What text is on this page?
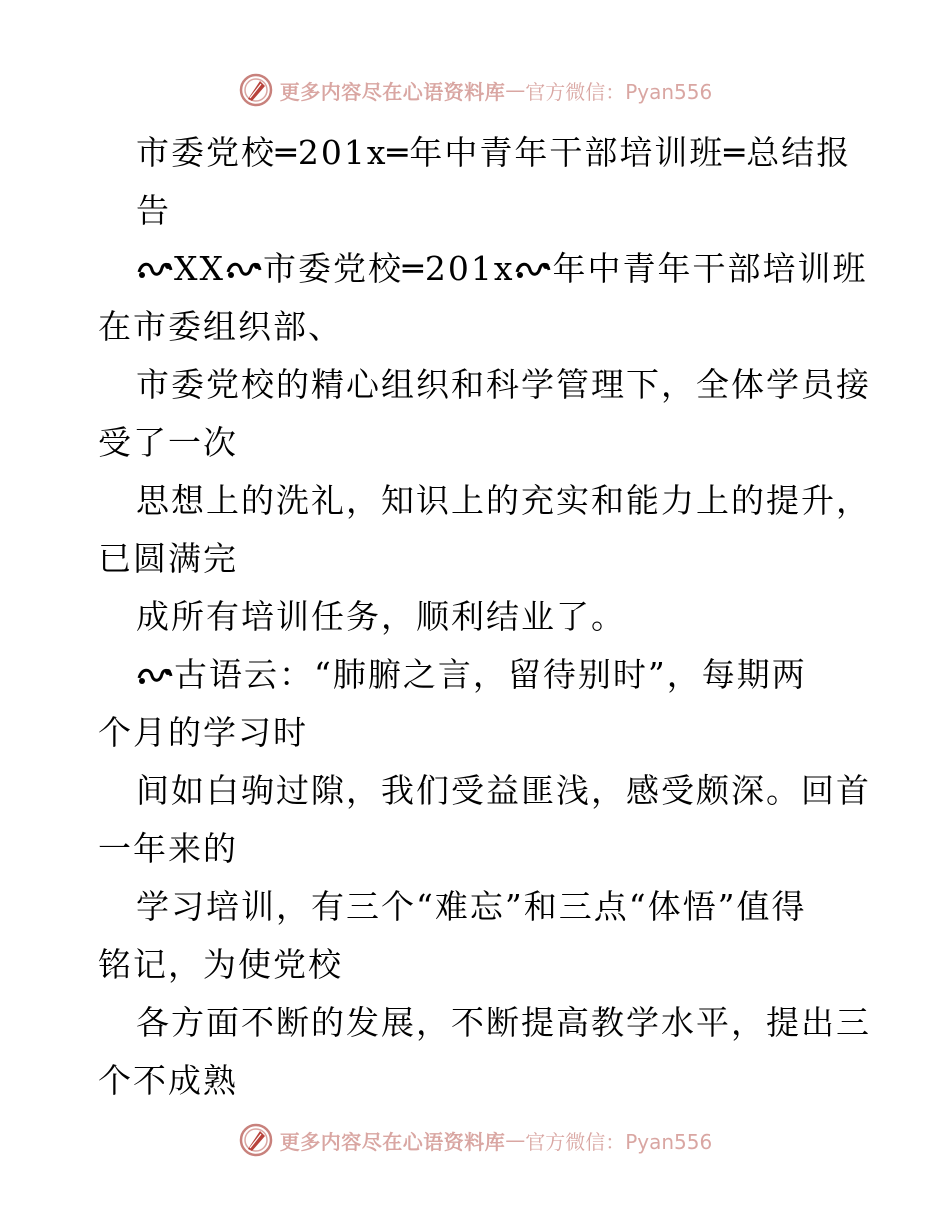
更多内容尽在心语资料库 — 官方微信：Pyan556
市委党校═201x═年中青年干部培训班═总结报
告
XX 市委党校═201x 年中青年干部培训班
在市委组织部、
市委党校的精心组织和科学管理下，全体学员接
受了一次
思想上的洗礼，知识上的充实和能力上的提升，
已圆满完
成所有培训任务，顺利结业了。
古语云：“肺腑之言，留待别时”，每期两
个月的学习时
间如白驹过隙，我们受益匪浅，感受颇深。回首
一年来的
学习培训，有三个“难忘”和三点“体悟”值得
铭记，为使党校
各方面不断的发展，不断提高教学水平，提出三
个不成熟
更多内容尽在心语资料库 — 官方微信：Pyan556
